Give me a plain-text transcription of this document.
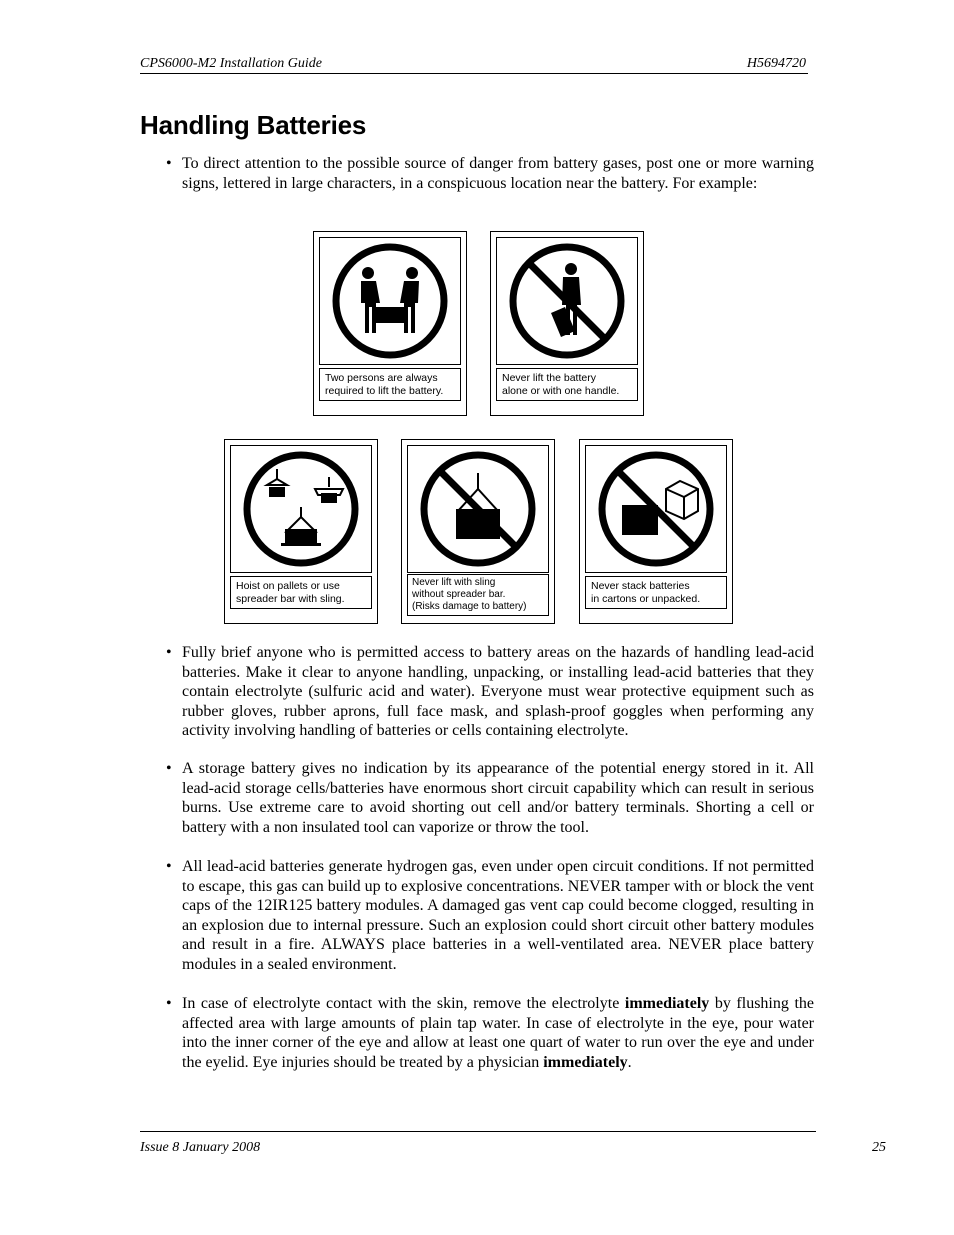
CPS6000-M2 Installation Guide	H5694720
Handling Batteries
• To direct attention to the possible source of danger from battery gases, post one or more warning signs, lettered in large characters, in a conspicuous location near the battery. For example:
Two persons are always
required to lift the battery.
Never lift the battery
alone or with one handle.
Hoist on pallets or use
spreader bar with sling.
Never lift with sling
without spreader bar.
(Risks damage to battery)
Never stack batteries
in cartons or unpacked.
• Fully brief anyone who is permitted access to battery areas on the hazards of handling lead-acid batteries. Make it clear to anyone handling, unpacking, or installing lead-acid batteries that they contain electrolyte (sulfuric acid and water). Everyone must wear protective equipment such as rubber gloves, rubber aprons, full face mask, and splash-proof goggles when performing any activity involving handling of batteries or cells containing electrolyte.
• A storage battery gives no indication by its appearance of the potential energy stored in it. All lead-acid storage cells/batteries have enormous short circuit capability which can result in serious burns. Use extreme care to avoid shorting out cell and/or battery terminals. Shorting a cell or battery with a non insulated tool can vaporize or throw the tool.
• All lead-acid batteries generate hydrogen gas, even under open circuit conditions. If not permitted to escape, this gas can build up to explosive concentrations. NEVER tamper with or block the vent caps of the 12IR125 battery modules. A damaged gas vent cap could become clogged, resulting in an explosion due to internal pressure. Such an explosion could short circuit other battery modules and result in a fire. ALWAYS place batteries in a well-ventilated area. NEVER place battery modules in a sealed environment.
• In case of electrolyte contact with the skin, remove the electrolyte immediately by flushing the affected area with large amounts of plain tap water. In case of electrolyte in the eye, pour water into the inner corner of the eye and allow at least one quart of water to run over the eye and under the eyelid. Eye injuries should be treated by a physician immediately.
Issue 8 January 2008	25
